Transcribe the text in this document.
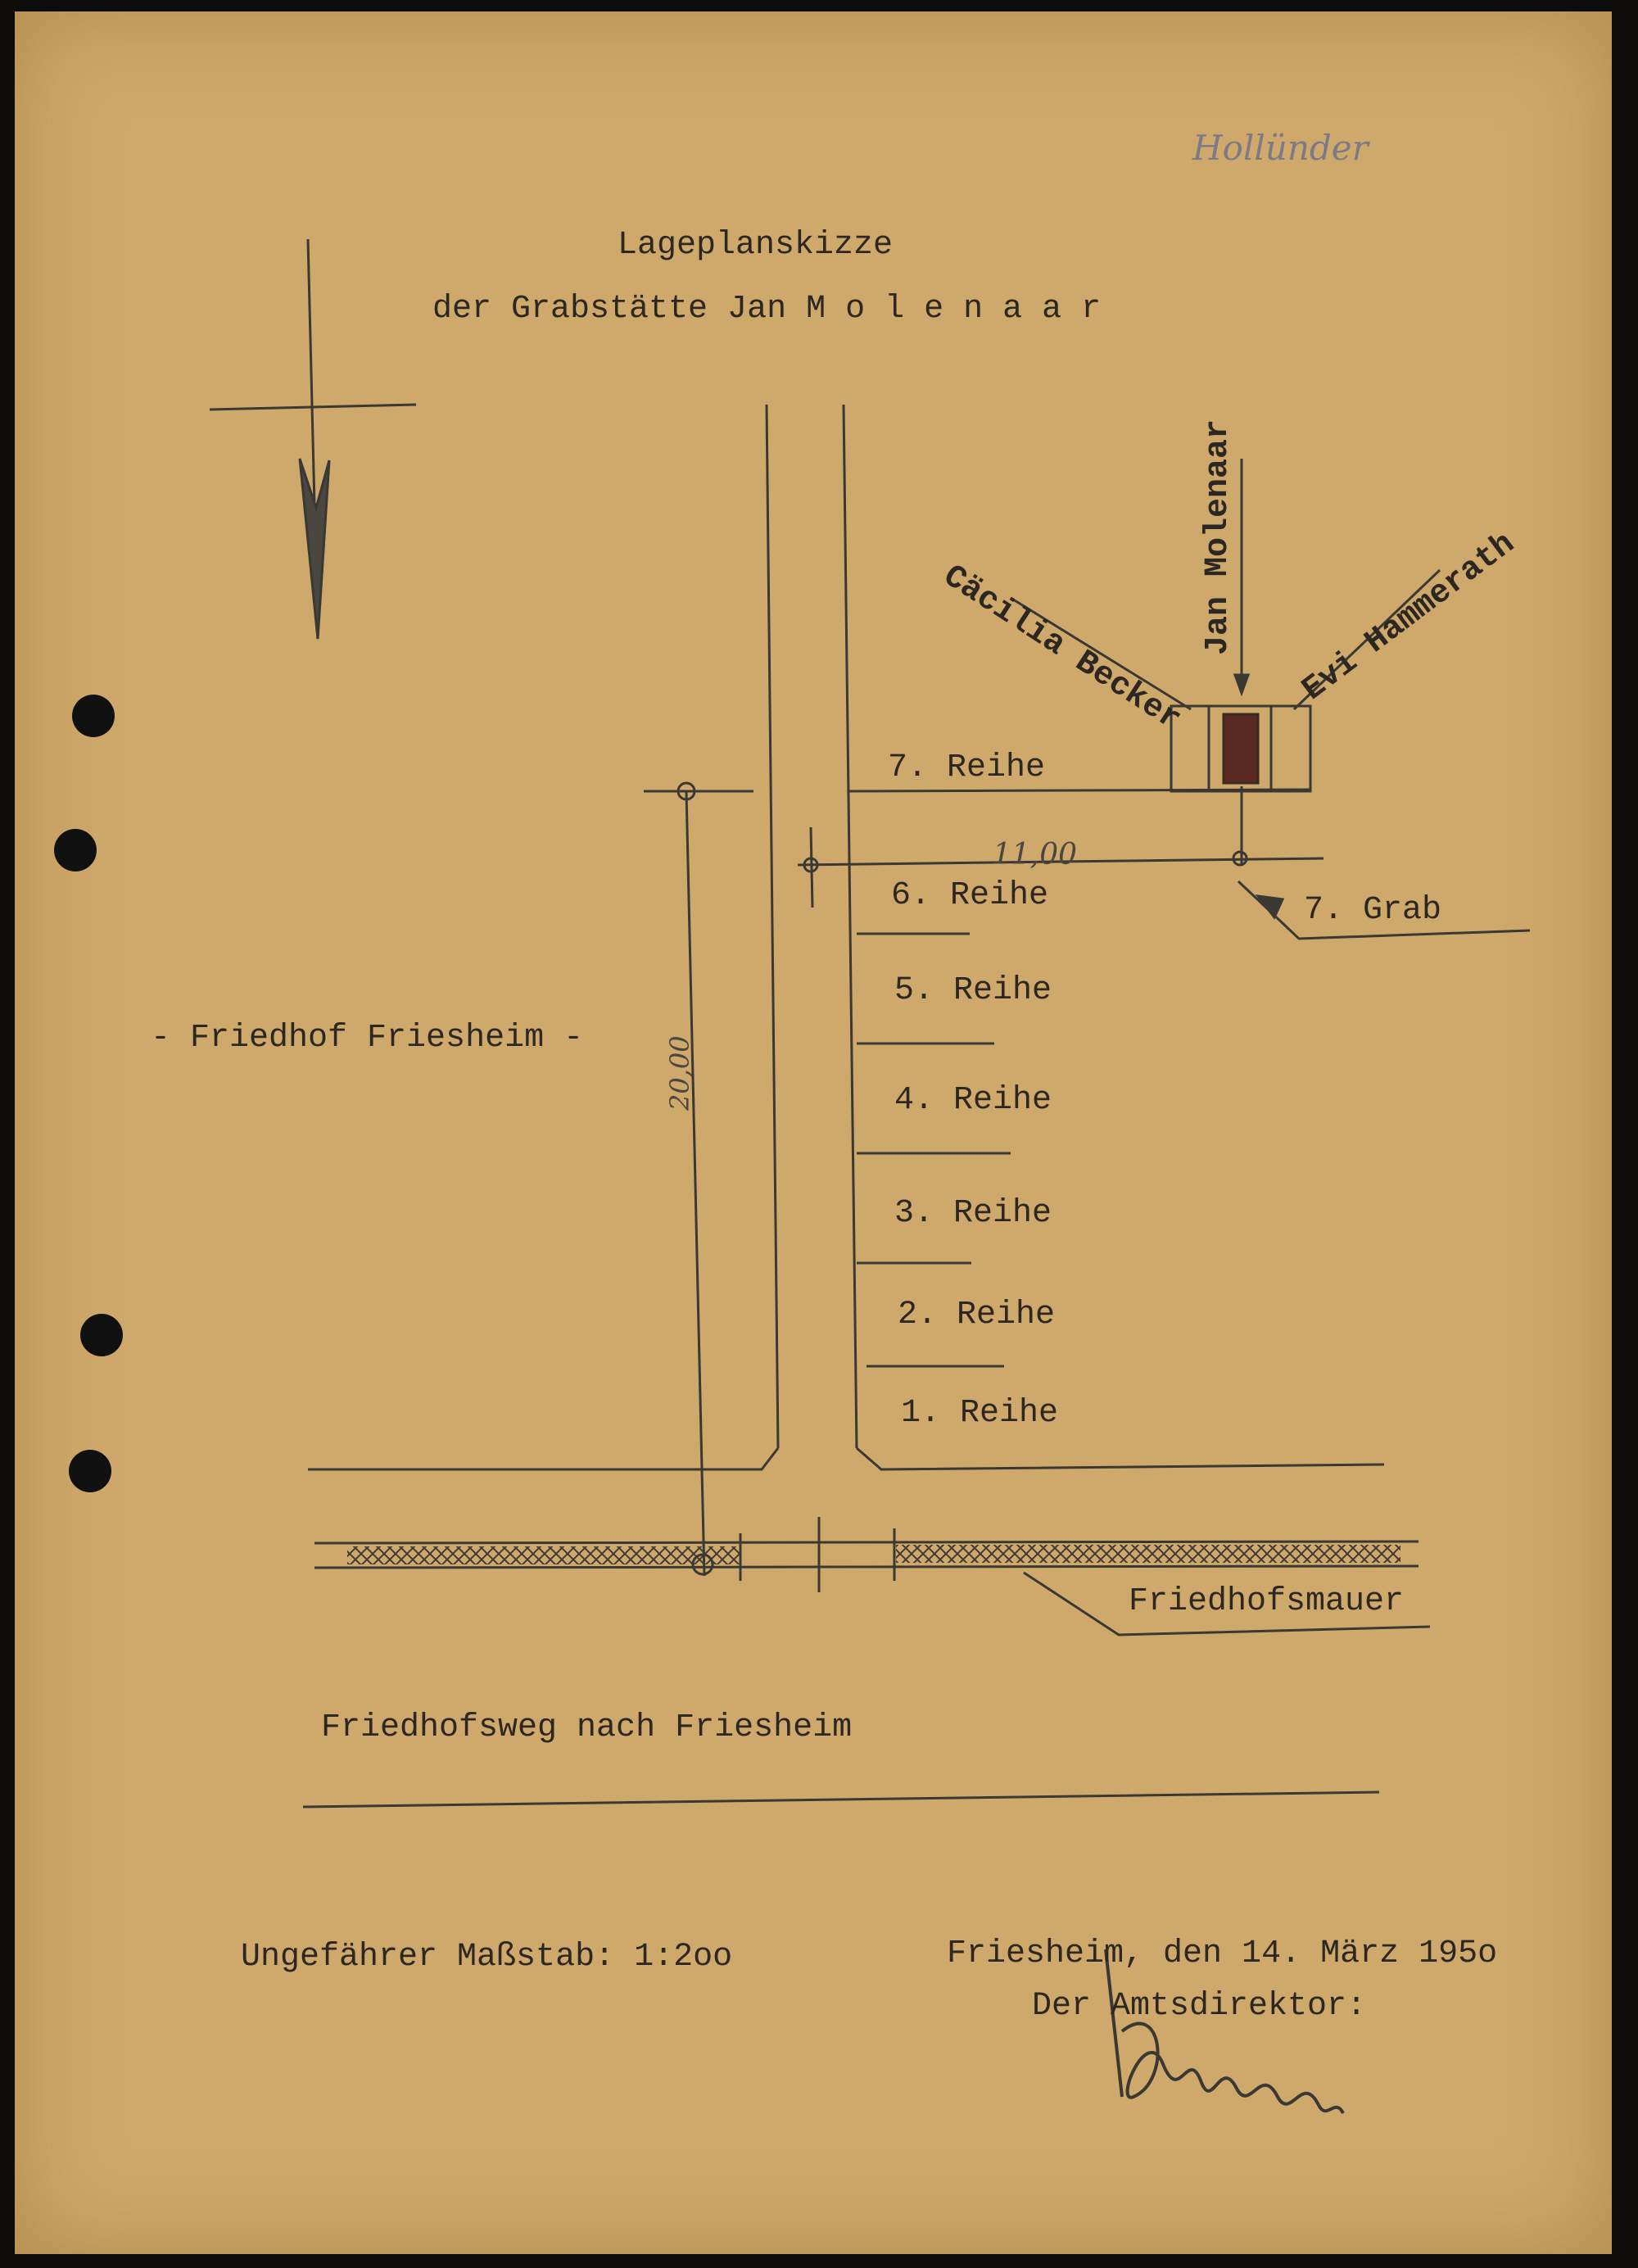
Hollünder
Lageplanskizze
der Grabstätte Jan M o l e n a a r
- Friedhof Friesheim -
Cäcilia Becker Jan Molenaar Evi Hammerath
7. Reihe
6. Reihe
5. Reihe
4. Reihe
3. Reihe
2. Reihe
1. Reihe
7. Grab
11,00
20,00
Friedhofsmauer
Friedhofsweg nach Friesheim
Ungefährer Maßstab: 1:2oo	Friesheim, den 14. März 195o
Der Amtsdirektor:
